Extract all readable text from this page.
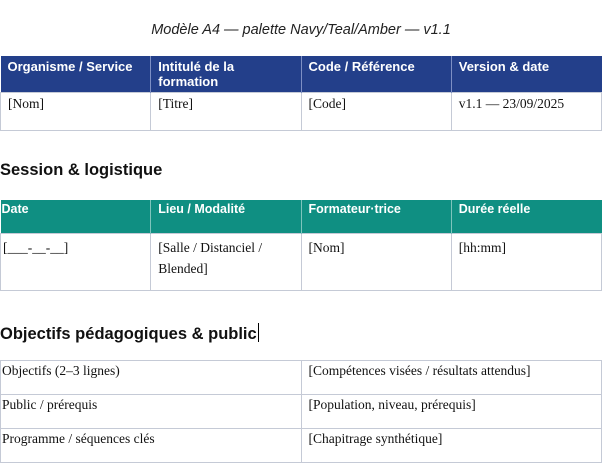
Modèle A4 — palette Navy/Teal/Amber — v1.1
Organisme / Service	Intitulé de la formation	Code / Référence	Version & date
[Nom]	[Titre]	[Code]	v1.1 — 23/09/2025
Session & logistique
Date	Lieu / Modalité	Formateur·trice	Durée réelle
[___-__-__]	[Salle / Distanciel / Blended]	[Nom]	[hh:mm]
Objectifs pédagogiques & public
Objectifs (2–3 lignes)	[Compétences visées / résultats attendus]
Public / prérequis	[Population, niveau, prérequis]
Programme / séquences clés	[Chapitrage synthétique]
